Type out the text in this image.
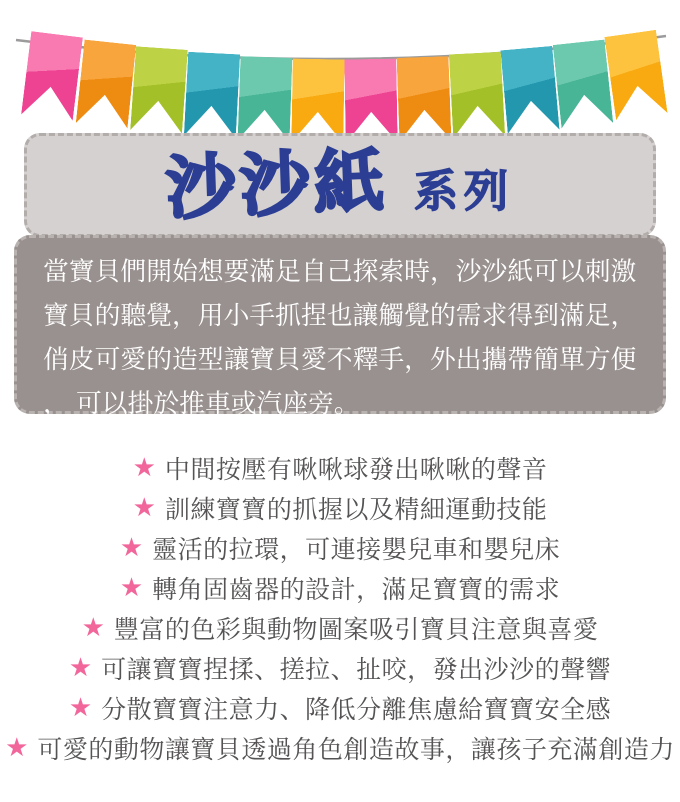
沙沙紙 系列
當寶貝們開始想要滿足自己探索時，沙沙紙可以刺激寶貝的聽覺，用小手抓捏也讓觸覺的需求得到滿足，俏皮可愛的造型讓寶貝愛不釋手，外出攜帶簡單方便， 可以掛於推車或汽座旁。
★ 中間按壓有啾啾球發出啾啾的聲音
★ 訓練寶寶的抓握以及精細運動技能
★ 靈活的拉環，可連接嬰兒車和嬰兒床
★ 轉角固齒器的設計，滿足寶寶的需求
★ 豐富的色彩與動物圖案吸引寶貝注意與喜愛
★ 可讓寶寶捏揉、搓拉、扯咬，發出沙沙的聲響
★ 分散寶寶注意力、降低分離焦慮給寶寶安全感
★ 可愛的動物讓寶貝透過角色創造故事，讓孩子充滿創造力
